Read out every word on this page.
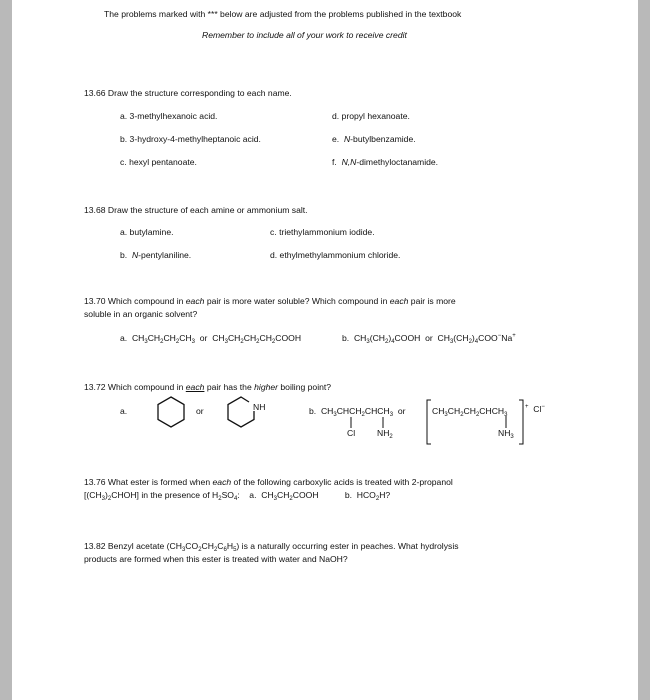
The problems marked with *** below are adjusted from the problems published in the textbook
Remember to include all of your work to receive credit
13.66 Draw the structure corresponding to each name.
a. 3-methylhexanoic acid.
b. 3-hydroxy-4-methylheptanoic acid.
c. hexyl pentanoate.
d. propyl hexanoate.
e. N-butylbenzamide.
f. N,N-dimethyloctanamide.
13.68 Draw the structure of each amine or ammonium salt.
a. butylamine.
b. N-pentylaniline.
c. triethylammonium iodide.
d. ethylmethylammonium chloride.
13.70 Which compound in each pair is more water soluble? Which compound in each pair is more
soluble in an organic solvent?
a.  $CH_3CH_2CH_2CH_3$ or  $CH_3CH_2CH_2CH_2COOH$	b.  $CH_3(CH_2)_4COOH$  or  $CH_3(CH_2)_4COO^-Na^+$
13.72 Which compound in each pair has the higher boiling point?
a.	or	NH	b.  $CH_3CHCH_2CHCH_3$ or
Cl	$NH_2$
$CH_3CH_2CH_2CHCH_3$
$NH_3$
+ Cl−
13.76 What ester is formed when each of the following carboxylic acids is treated with 2-propanol
$[(CH_3)_2CHOH]$ in the presence of $H_2SO_4$:    a.  $CH_3CH_2COOH$           b.  $HCO_2H$?
13.82 Benzyl acetate $(CH_3CO_2CH_2C_6H_5)$ is a naturally occurring ester in peaches. What hydrolysis
products are formed when this ester is treated with water and NaOH?
